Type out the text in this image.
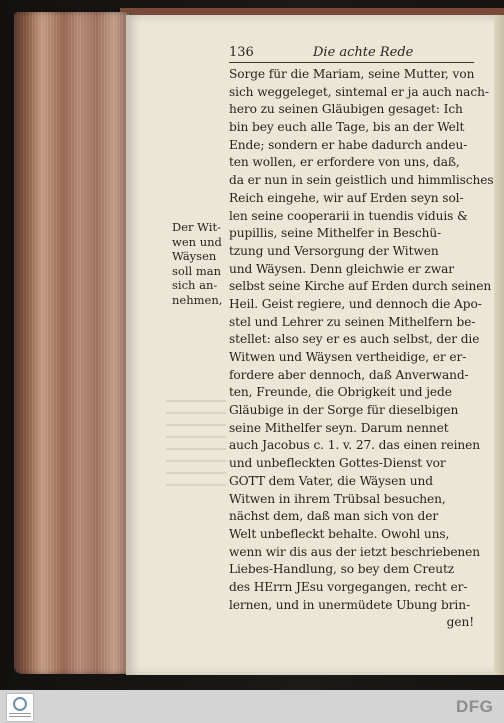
136	Die achte Rede
Der Wit-
wen und
Wäysen
soll man
sich an-
nehmen,
Sorge für die Mariam, seine Mutter, von
sich weggeleget, sintemal er ja auch nach-
hero zu seinen Gläubigen gesaget: Ich
bin bey euch alle Tage, bis an der Welt
Ende; sondern er habe dadurch andeu-
ten wollen, er erfordere von uns, daß,
da er nun in sein geistlich und himmlisches
Reich eingehe, wir auf Erden seyn sol-
len seine cooperarii in tuendis viduis &
pupillis, seine Mithelfer in Beschü-
tzung und Versorgung der Witwen
und Wäysen. Denn gleichwie er zwar
selbst seine Kirche auf Erden durch seinen
Heil. Geist regiere, und dennoch die Apo-
stel und Lehrer zu seinen Mithelfern be-
stellet: also sey er es auch selbst, der die
Witwen und Wäysen vertheidige, er er-
fordere aber dennoch, daß Anverwand-
ten, Freunde, die Obrigkeit und jede
Gläubige in der Sorge für dieselbigen
seine Mithelfer seyn. Darum nennet
auch Jacobus c. 1. v. 27. das einen reinen
und unbefleckten Gottes-Dienst vor
GOTT dem Vater, die Wäysen und
Witwen in ihrem Trübsal besuchen,
nächst dem, daß man sich von der
Welt unbefleckt behalte. Owohl uns,
wenn wir dis aus der ietzt beschriebenen
Liebes-Handlung, so bey dem Creutz
des HErrn JEsu vorgegangen, recht er-
lernen, und in unermüdete Ubung brin-
gen!
DFG
